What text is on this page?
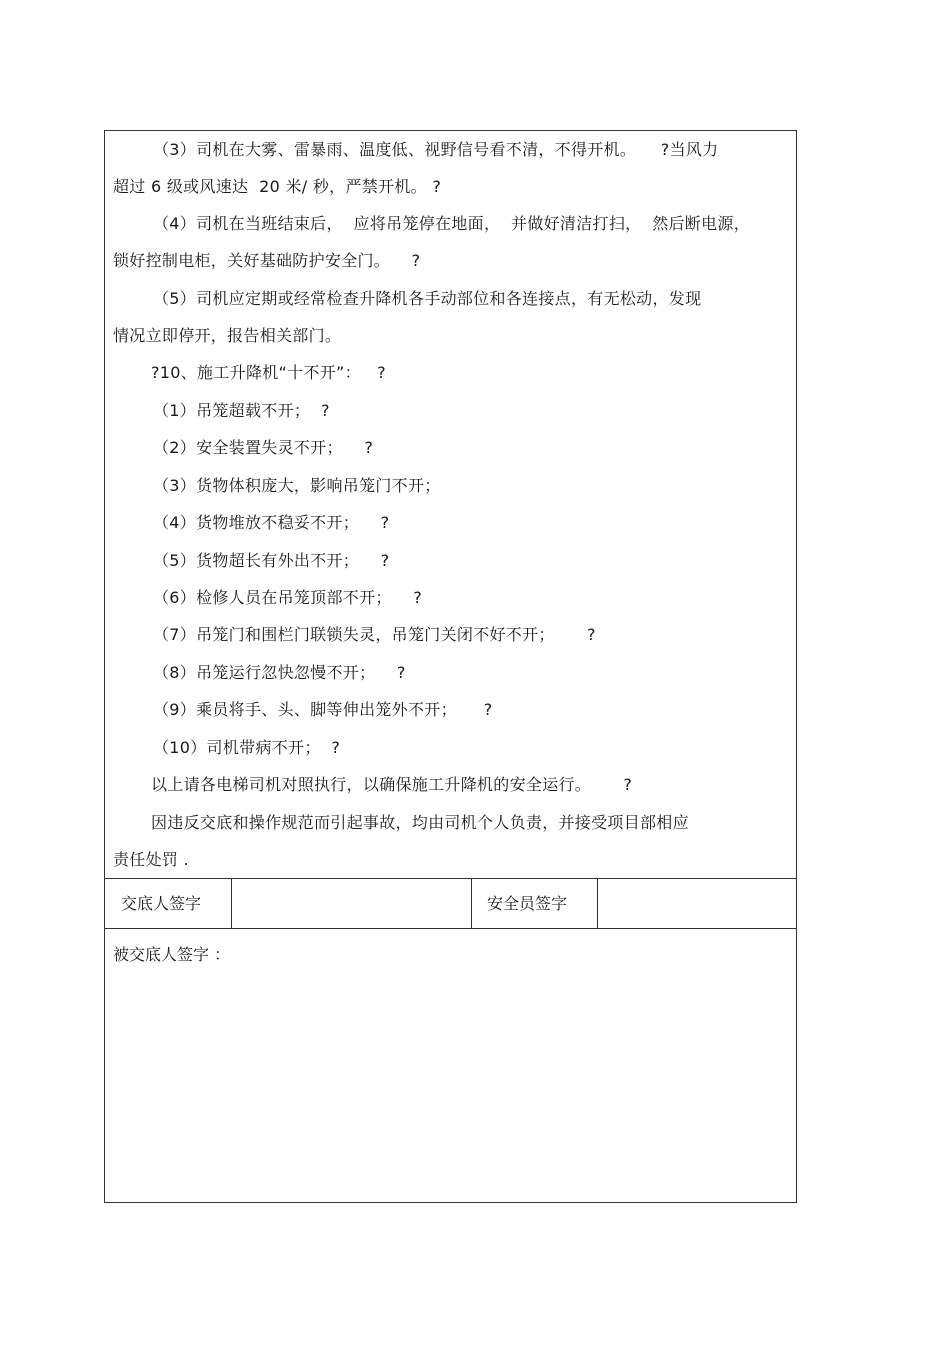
（3）司机在大雾、雷暴雨、温度低、视野信号看不清，不得开机。　　?当风力
超过 6 级或风速达  20 米/ 秒，严禁开机。 ?
（4）司机在当班结束后，  应将吊笼停在地面，  并做好清洁打扫，  然后断电源，
锁好控制电柜，关好基础防护安全门。    ?
（5）司机应定期或经常检查升降机各手动部位和各连接点，有无松动，发现
情况立即停开，报告相关部门。
?10、施工升降机“十不开”：   ?
（1）吊笼超载不开；  ?
（2）安全装置失灵不开；    ?
（3）货物体积庞大，影响吊笼门不开；
（4）货物堆放不稳妥不开；    ?
（5）货物超长有外出不开；    ?
（6）检修人员在吊笼顶部不开；    ?
（7）吊笼门和围栏门联锁失灵，吊笼门关闭不好不开；      ?
（8）吊笼运行忽快忽慢不开；    ?
（9）乘员将手、头、脚等伸出笼外不开；     ?
（10）司机带病不开；  ?
以上请各电梯司机对照执行，以确保施工升降机的安全运行。      ?
因违反交底和操作规范而引起事故，均由司机个人负责，并接受项目部相应
责任处罚 .
交底人签字	安全员签字
被交底人签字 ：
